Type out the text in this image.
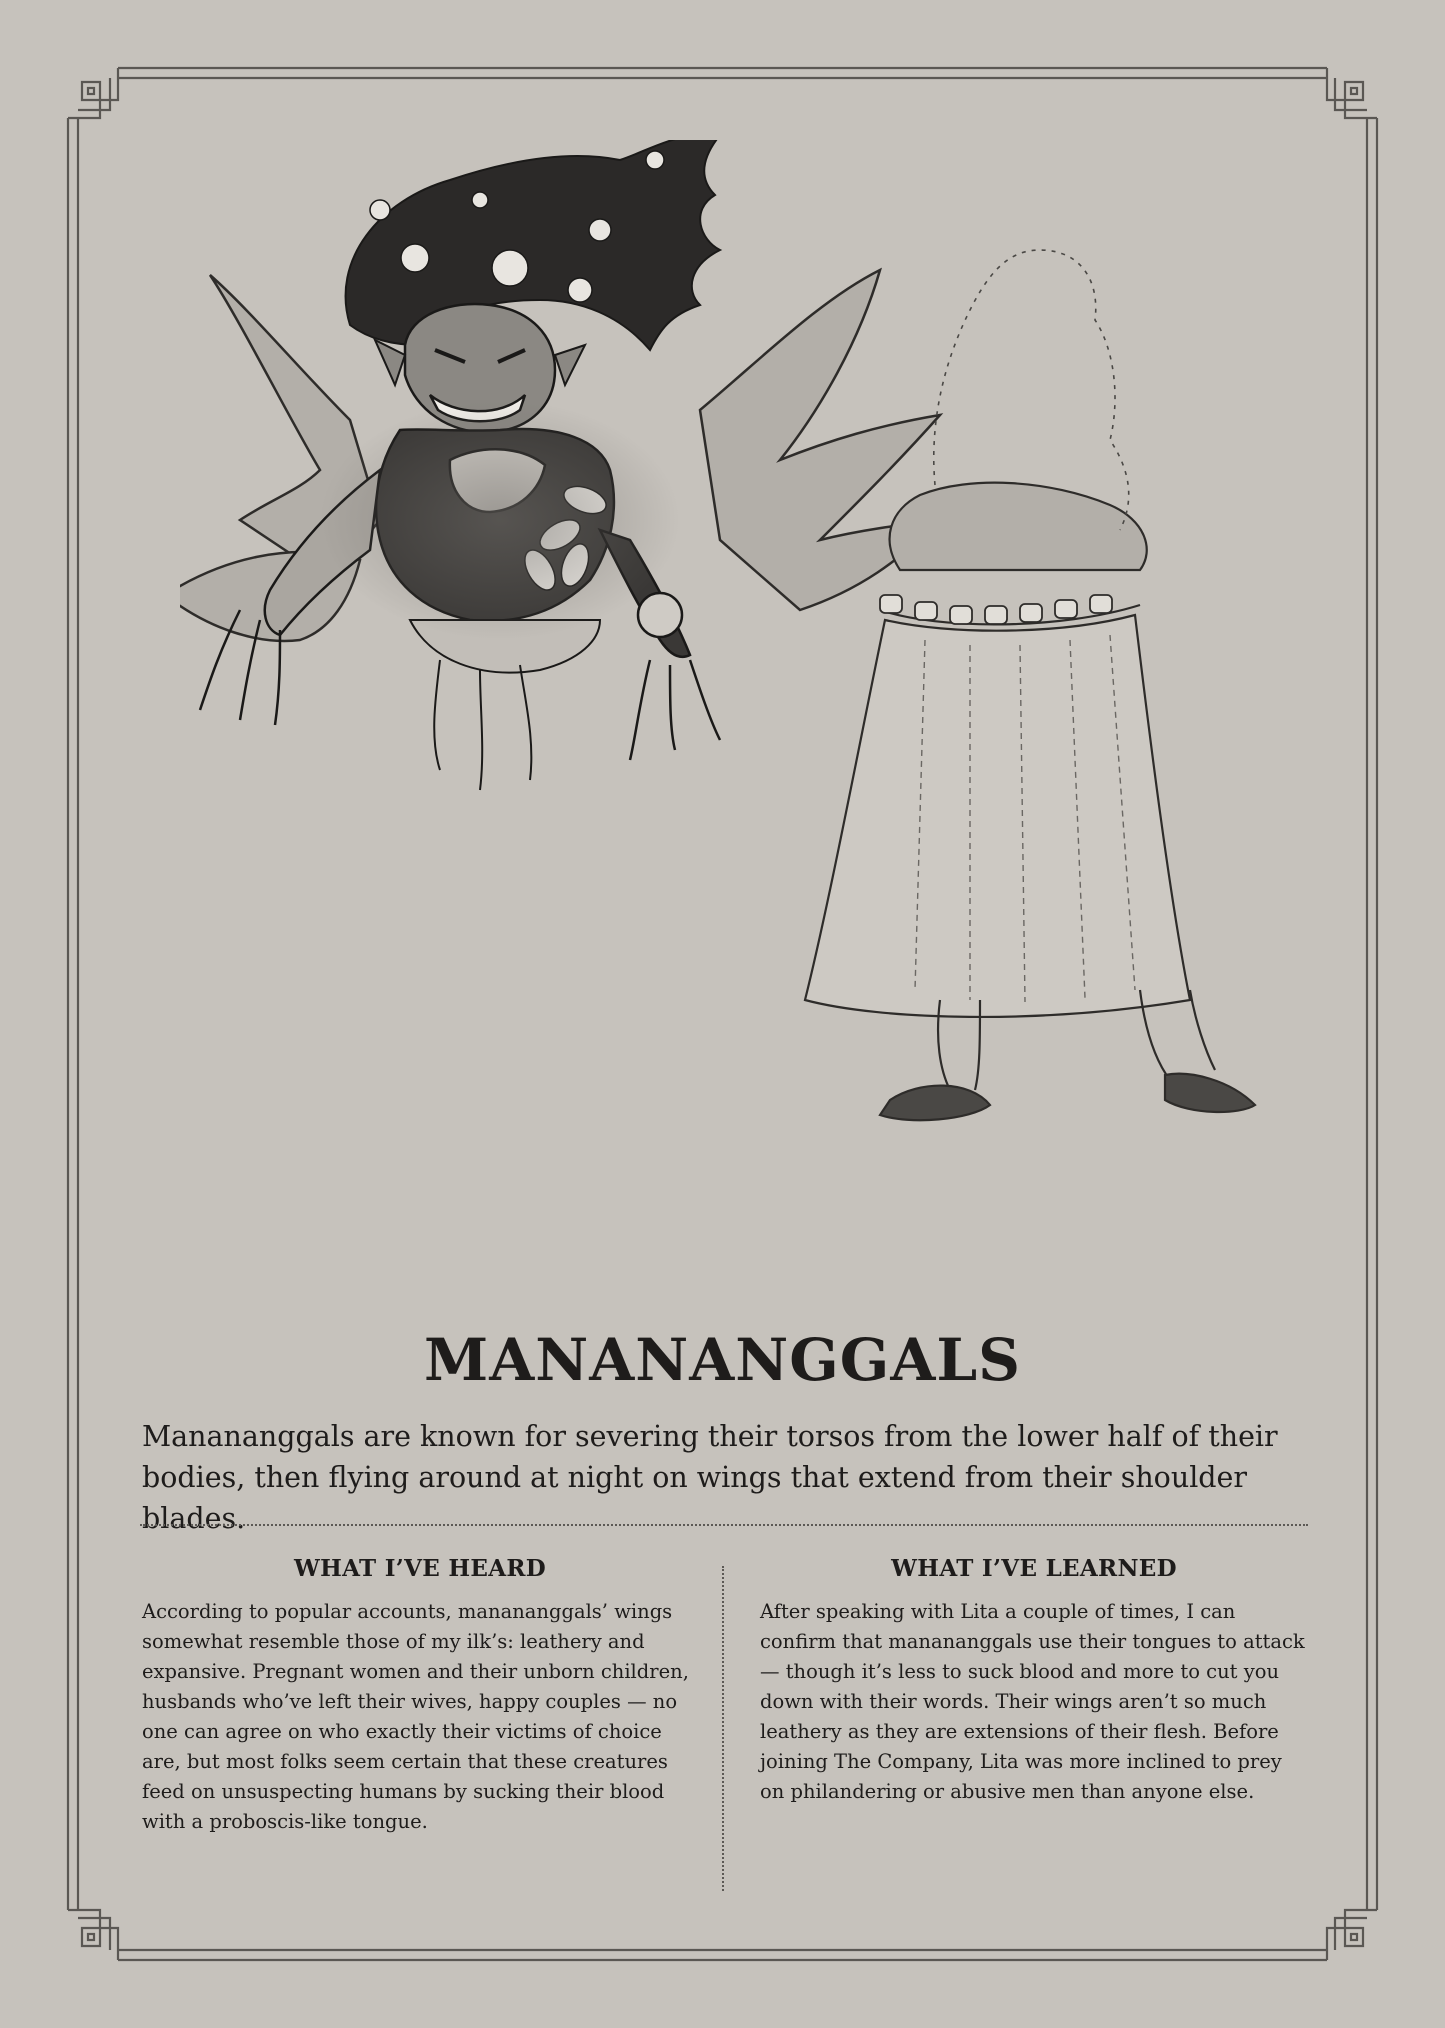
MANANANGGALS
Manananggals are known for severing their torsos from the lower half of their bodies, then flying around at night on wings that extend from their shoulder blades.
WHAT I’VE HEARD

According to popular accounts, manananggals’ wings somewhat resemble those of my ilk’s: leathery and expansive. Pregnant women and their unborn children, husbands who’ve left their wives, happy couples — no one can agree on who exactly their victims of choice are, but most folks seem certain that these creatures feed on unsuspecting humans by sucking their blood with a proboscis-like tongue.

WHAT I’VE LEARNED

After speaking with Lita a couple of times, I can confirm that manananggals use their tongues to attack — though it’s less to suck blood and more to cut you down with their words. Their wings aren’t so much leathery as they are extensions of their flesh. Before joining The Company, Lita was more inclined to prey on philandering or abusive men than anyone else.
